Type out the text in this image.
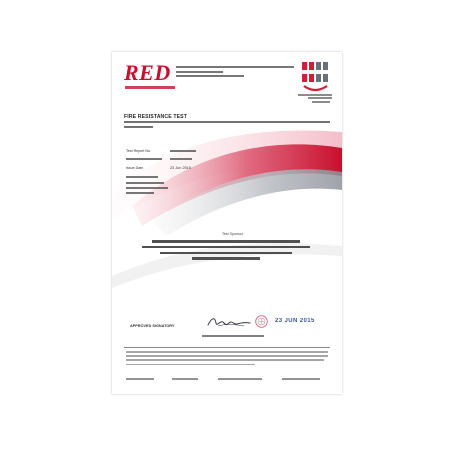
RED
FIRE RESISTANCE TEST
Test Report No.
Issue Date	23 Jun 2015
Test Sponsor
APPROVED SIGNATORY
23 JUN 2015
